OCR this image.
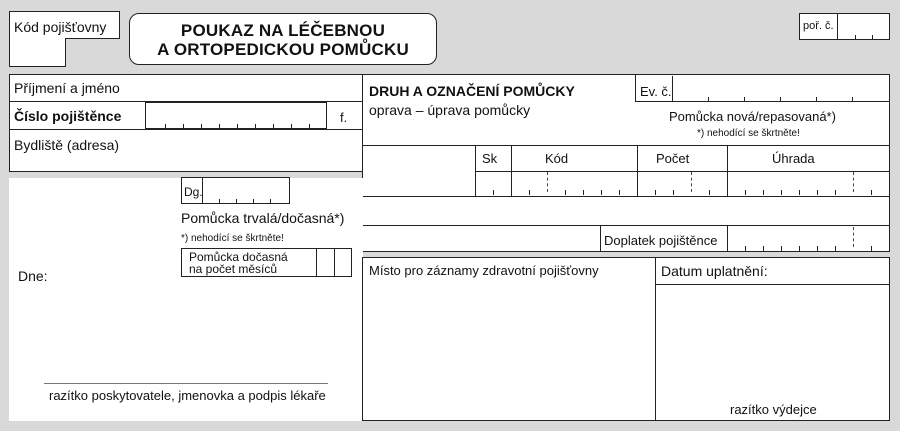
Kód pojišťovny	POUKAZ NA LÉČEBNOU
A ORTOPEDICKOU POMŮCKU
poř. č.
Příjmení a jméno
Číslo pojištěnce	f.
Bydliště (adresa)
DRUH A OZNAČENÍ POMŮCKY
oprava – úprava pomůcky
Ev. č.
Pomůcka nová/repasovaná*)
*) nehodící se škrtněte!
Sk	Kód	Počet	Úhrada
Doplatek pojištěnce
Dg.
Pomůcka trvalá/dočasná*)
*) nehodící se škrtněte!
Pomůcka dočasná
na počet měsíců
Dne:
razítko poskytovatele, jmenovka a podpis lékaře
Místo pro záznamy zdravotní pojišťovny	Datum uplatnění:
razítko výdejce
